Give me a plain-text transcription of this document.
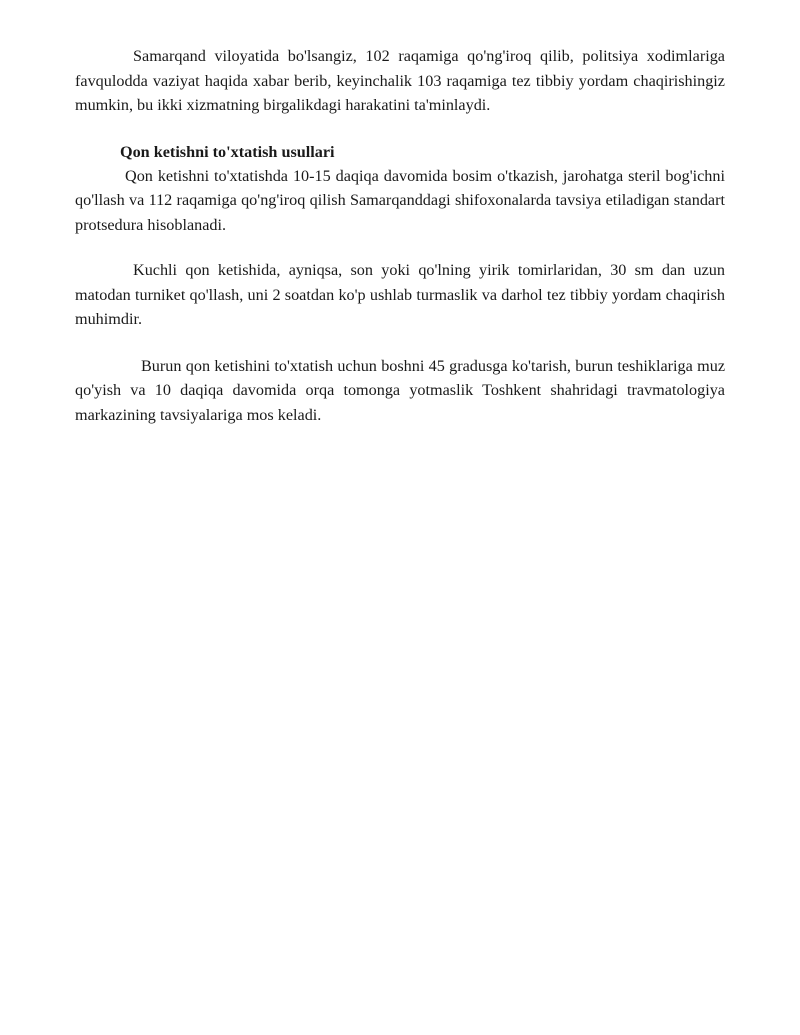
Samarqand viloyatida bo'lsangiz, 102 raqamiga qo'ng'iroq qilib, politsiya xodimlariga favqulodda vaziyat haqida xabar berib, keyinchalik 103 raqamiga tez tibbiy yordam chaqirishingiz mumkin, bu ikki xizmatning birgalikdagi harakatini ta'minlaydi.

Qon ketishni to'xtatish usullari

Qon ketishni to'xtatishda 10-15 daqiqa davomida bosim o'tkazish, jarohatga steril bog'ichni qo'llash va 112 raqamiga qo'ng'iroq qilish Samarqanddagi shifoxonalarda tavsiya etiladigan standart protsedura hisoblanadi.

Kuchli qon ketishida, ayniqsa, son yoki qo'lning yirik tomirlaridan, 30 sm dan uzun matodan turniket qo'llash, uni 2 soatdan ko'p ushlab turmaslik va darhol tez tibbiy yordam chaqirish muhimdir.

Burun qon ketishini to'xtatish uchun boshni 45 gradusga ko'tarish, burun teshiklariga muz qo'yish va 10 daqiqa davomida orqa tomonga yotmaslik Toshkent shahridagi travmatologiya markazining tavsiyalariga mos keladi.
